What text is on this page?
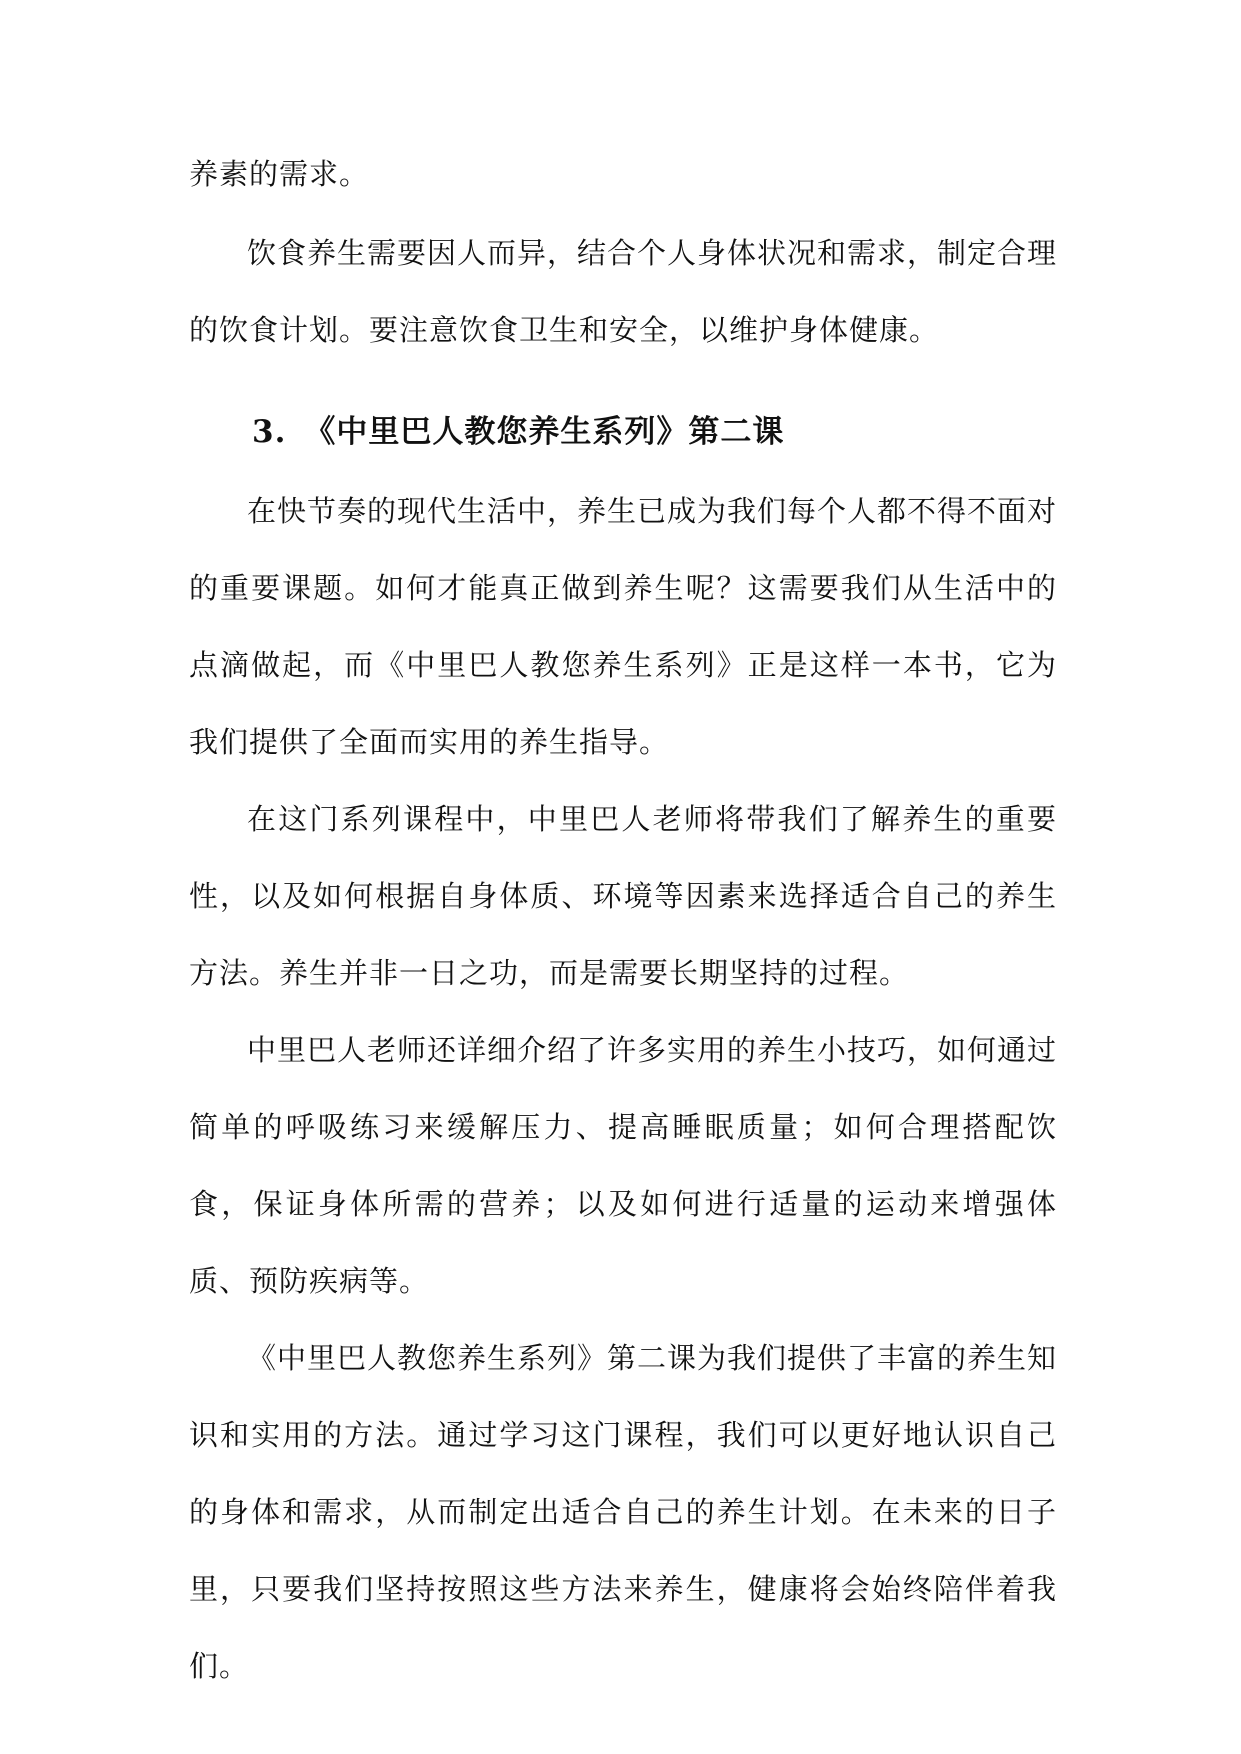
养素的需求。

饮食养生需要因人而异，结合个人身体状况和需求，制定合理的饮食计划。要注意饮食卫生和安全，以维护身体健康。

3. 《中里巴人教您养生系列》第二课

在快节奏的现代生活中，养生已成为我们每个人都不得不面对的重要课题。如何才能真正做到养生呢？这需要我们从生活中的点滴做起，而《中里巴人教您养生系列》正是这样一本书，它为我们提供了全面而实用的养生指导。

在这门系列课程中，中里巴人老师将带我们了解养生的重要性，以及如何根据自身体质、环境等因素来选择适合自己的养生方法。养生并非一日之功，而是需要长期坚持的过程。

中里巴人老师还详细介绍了许多实用的养生小技巧，如何通过简单的呼吸练习来缓解压力、提高睡眠质量；如何合理搭配饮食，保证身体所需的营养；以及如何进行适量的运动来增强体质、预防疾病等。

《中里巴人教您养生系列》第二课为我们提供了丰富的养生知识和实用的方法。通过学习这门课程，我们可以更好地认识自己的身体和需求，从而制定出适合自己的养生计划。在未来的日子里，只要我们坚持按照这些方法来养生，健康将会始终陪伴着我们。
